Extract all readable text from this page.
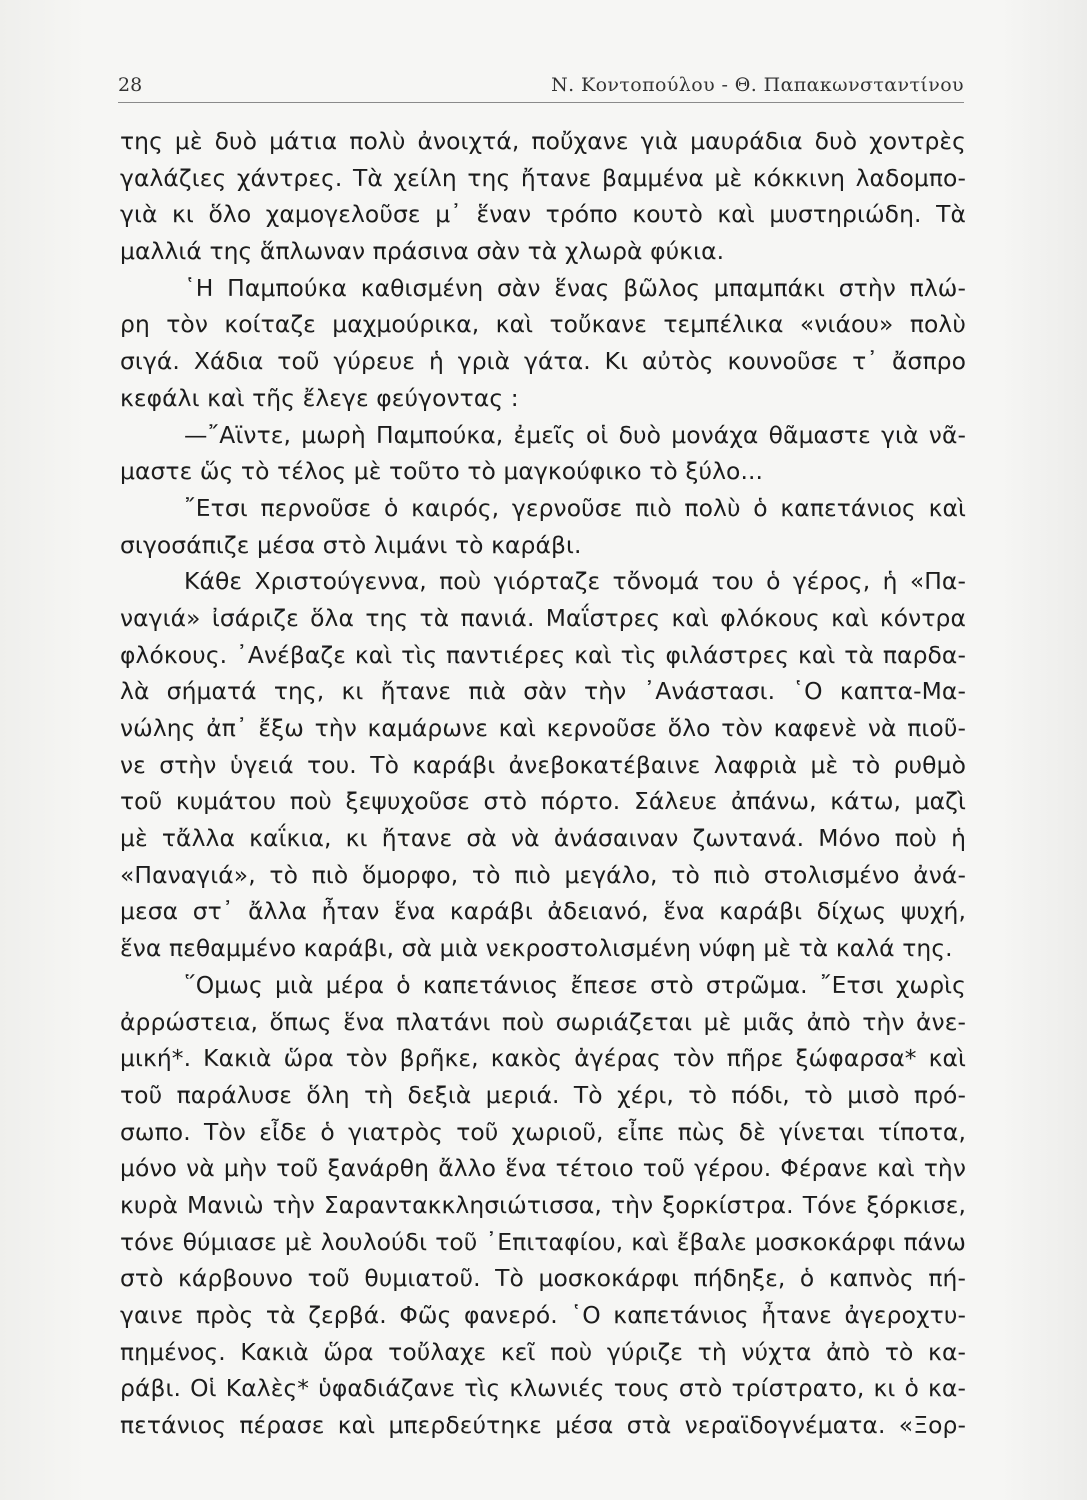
28	Ν. Κοντοπούλου - Θ. Παπακωνσταντίνου
της μὲ δυὸ μάτια πολὺ ἀνοιχτά, ποὔχανε γιὰ μαυράδια δυὸ χοντρὲς
γαλάζιες χάντρες. Τὰ χείλη της ἤτανε βαμμένα μὲ κόκκινη λαδομπο-
γιὰ κι ὅλο χαμογελοῦσε μ᾿ ἕναν τρόπο κουτὸ καὶ μυστηριώδη. Τὰ
μαλλιά της ἅπλωναν πράσινα σὰν τὰ χλωρὰ φύκια.
῾Η Παμπούκα καθισμένη σὰν ἕνας βῶλος μπαμπάκι στὴν πλώ-
ρη τὸν κοίταζε μαχμούρικα, καὶ τοὔκανε τεμπέλικα «νιάου» πολὺ
σιγά. Χάδια τοῦ γύρευε ἡ γριὰ γάτα. Κι αὐτὸς κουνοῦσε τ᾿ ἄσπρο
κεφάλι καὶ τῆς ἔλεγε φεύγοντας :
—῎Αϊντε, μωρὴ Παμπούκα, ἐμεῖς οἱ δυὸ μονάχα θᾶμαστε γιὰ νᾶ-
μαστε ὥς τὸ τέλος μὲ τοῦτο τὸ μαγκούφικο τὸ ξύλο...
῎Ετσι περνοῦσε ὁ καιρός, γερνοῦσε πιὸ πολὺ ὁ καπετάνιος καὶ
σιγοσάπιζε μέσα στὸ λιμάνι τὸ καράβι.
Κάθε Χριστούγεννα, ποὺ γιόρταζε τὄνομά του ὁ γέρος, ἡ «Πα-
ναγιά» ἰσάριζε ὅλα της τὰ πανιά. Μαΐστρες καὶ φλόκους καὶ κόντρα
φλόκους. ᾿Ανέβαζε καὶ τὶς παντιέρες καὶ τὶς φιλάστρες καὶ τὰ παρδα-
λὰ σήματά της, κι ἤτανε πιὰ σὰν τὴν ᾿Ανάστασι. ῾Ο καπτα-Μα-
νώλης ἀπ᾿ ἔξω τὴν καμάρωνε καὶ κερνοῦσε ὅλο τὸν καφενὲ νὰ πιοῦ-
νε στὴν ὑγειά του. Τὸ καράβι ἀνεβοκατέβαινε λαφριὰ μὲ τὸ ρυθμὸ
τοῦ κυμάτου ποὺ ξεψυχοῦσε στὸ πόρτο. Σάλευε ἀπάνω, κάτω, μαζὶ
μὲ τἄλλα καΐκια, κι ἤτανε σὰ νὰ ἀνάσαιναν ζωντανά. Μόνο ποὺ ἡ
«Παναγιά», τὸ πιὸ ὅμορφο, τὸ πιὸ μεγάλο, τὸ πιὸ στολισμένο ἀνά-
μεσα στ᾿ ἄλλα ἦταν ἕνα καράβι ἀδειανό, ἕνα καράβι δίχως ψυχή,
ἕνα πεθαμμένο καράβι, σὰ μιὰ νεκροστολισμένη νύφη μὲ τὰ καλά της.
῞Ομως μιὰ μέρα ὁ καπετάνιος ἔπεσε στὸ στρῶμα. ῎Ετσι χωρὶς
ἀρρώστεια, ὅπως ἕνα πλατάνι ποὺ σωριάζεται μὲ μιᾶς ἀπὸ τὴν ἀνε-
μική*. Κακιὰ ὥρα τὸν βρῆκε, κακὸς ἀγέρας τὸν πῆρε ξώφαρσα* καὶ
τοῦ παράλυσε ὅλη τὴ δεξιὰ μεριά. Τὸ χέρι, τὸ πόδι, τὸ μισὸ πρό-
σωπο. Τὸν εἶδε ὁ γιατρὸς τοῦ χωριοῦ, εἶπε πὼς δὲ γίνεται τίποτα,
μόνο νὰ μὴν τοῦ ξανάρθη ἄλλο ἕνα τέτοιο τοῦ γέρου. Φέρανε καὶ τὴν
κυρὰ Μανιὼ τὴν Σαραντακκλησιώτισσα, τὴν ξορκίστρα. Τόνε ξόρκισε,
τόνε θύμιασε μὲ λουλούδι τοῦ ᾿Επιταφίου, καὶ ἔβαλε μοσκοκάρφι πάνω
στὸ κάρβουνο τοῦ θυμιατοῦ. Τὸ μοσκοκάρφι πήδηξε, ὁ καπνὸς πή-
γαινε πρὸς τὰ ζερβά. Φῶς φανερό. ῾Ο καπετάνιος ἦτανε ἀγεροχτυ-
πημένος. Κακιὰ ὥρα τοὔλαχε κεῖ ποὺ γύριζε τὴ νύχτα ἀπὸ τὸ κα-
ράβι. Οἱ Καλὲς* ὑφαδιάζανε τὶς κλωνιές τους στὸ τρίστρατο, κι ὁ κα-
πετάνιος πέρασε καὶ μπερδεύτηκε μέσα στὰ νεραϊδογνέματα. «Ξορ-
